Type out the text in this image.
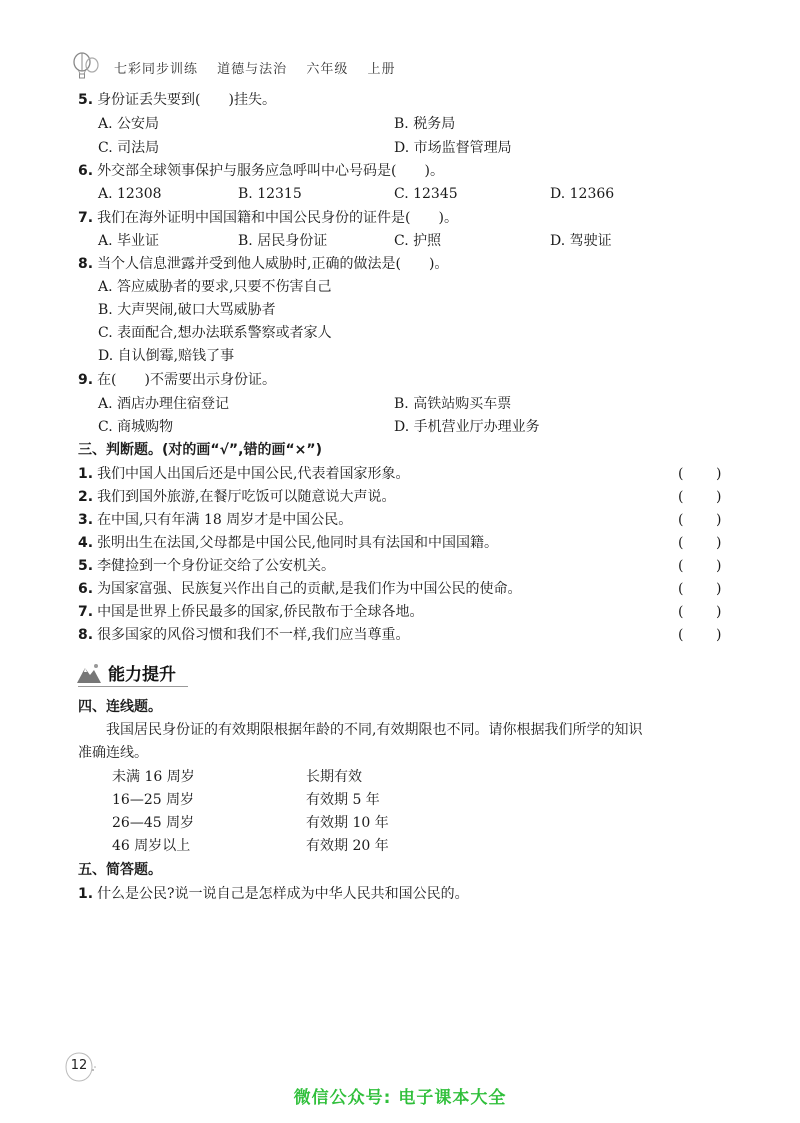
七彩同步训练 道德与法治 六年级 上册
5. 身份证丢失要到(　　)挂失。
A. 公安局	B. 税务局
C. 司法局	D. 市场监督管理局
6. 外交部全球领事保护与服务应急呼叫中心号码是(　　)。
A. 12308	B. 12315	C. 12345	D. 12366
7. 我们在海外证明中国国籍和中国公民身份的证件是(　　)。
A. 毕业证	B. 居民身份证	C. 护照	D. 驾驶证
8. 当个人信息泄露并受到他人威胁时,正确的做法是(　　)。
A. 答应威胁者的要求,只要不伤害自己
B. 大声哭闹,破口大骂威胁者
C. 表面配合,想办法联系警察或者家人
D. 自认倒霉,赔钱了事
9. 在(　　)不需要出示身份证。
A. 酒店办理住宿登记	B. 高铁站购买车票
C. 商城购物	D. 手机营业厅办理业务
三、判断题。(对的画“√”,错的画“×”)
1. 我们中国人出国后还是中国公民,代表着国家形象。	( )
2. 我们到国外旅游,在餐厅吃饭可以随意说大声说。	( )
3. 在中国,只有年满 18 周岁才是中国公民。	( )
4. 张明出生在法国,父母都是中国公民,他同时具有法国和中国国籍。	( )
5. 李健捡到一个身份证交给了公安机关。	( )
6. 为国家富强、民族复兴作出自己的贡献,是我们作为中国公民的使命。	( )
7. 中国是世界上侨民最多的国家,侨民散布于全球各地。	( )
8. 很多国家的风俗习惯和我们不一样,我们应当尊重。	( )
能力提升
四、连线题。
我国居民身份证的有效期限根据年龄的不同,有效期限也不同。请你根据我们所学的知识
准确连线。
未满 16 周岁	长期有效
16—25 周岁	有效期 5 年
26—45 周岁	有效期 10 年
46 周岁以上	有效期 20 年
五、简答题。
1. 什么是公民?说一说自己是怎样成为中华人民共和国公民的。
12
微信公众号: 电子课本大全
